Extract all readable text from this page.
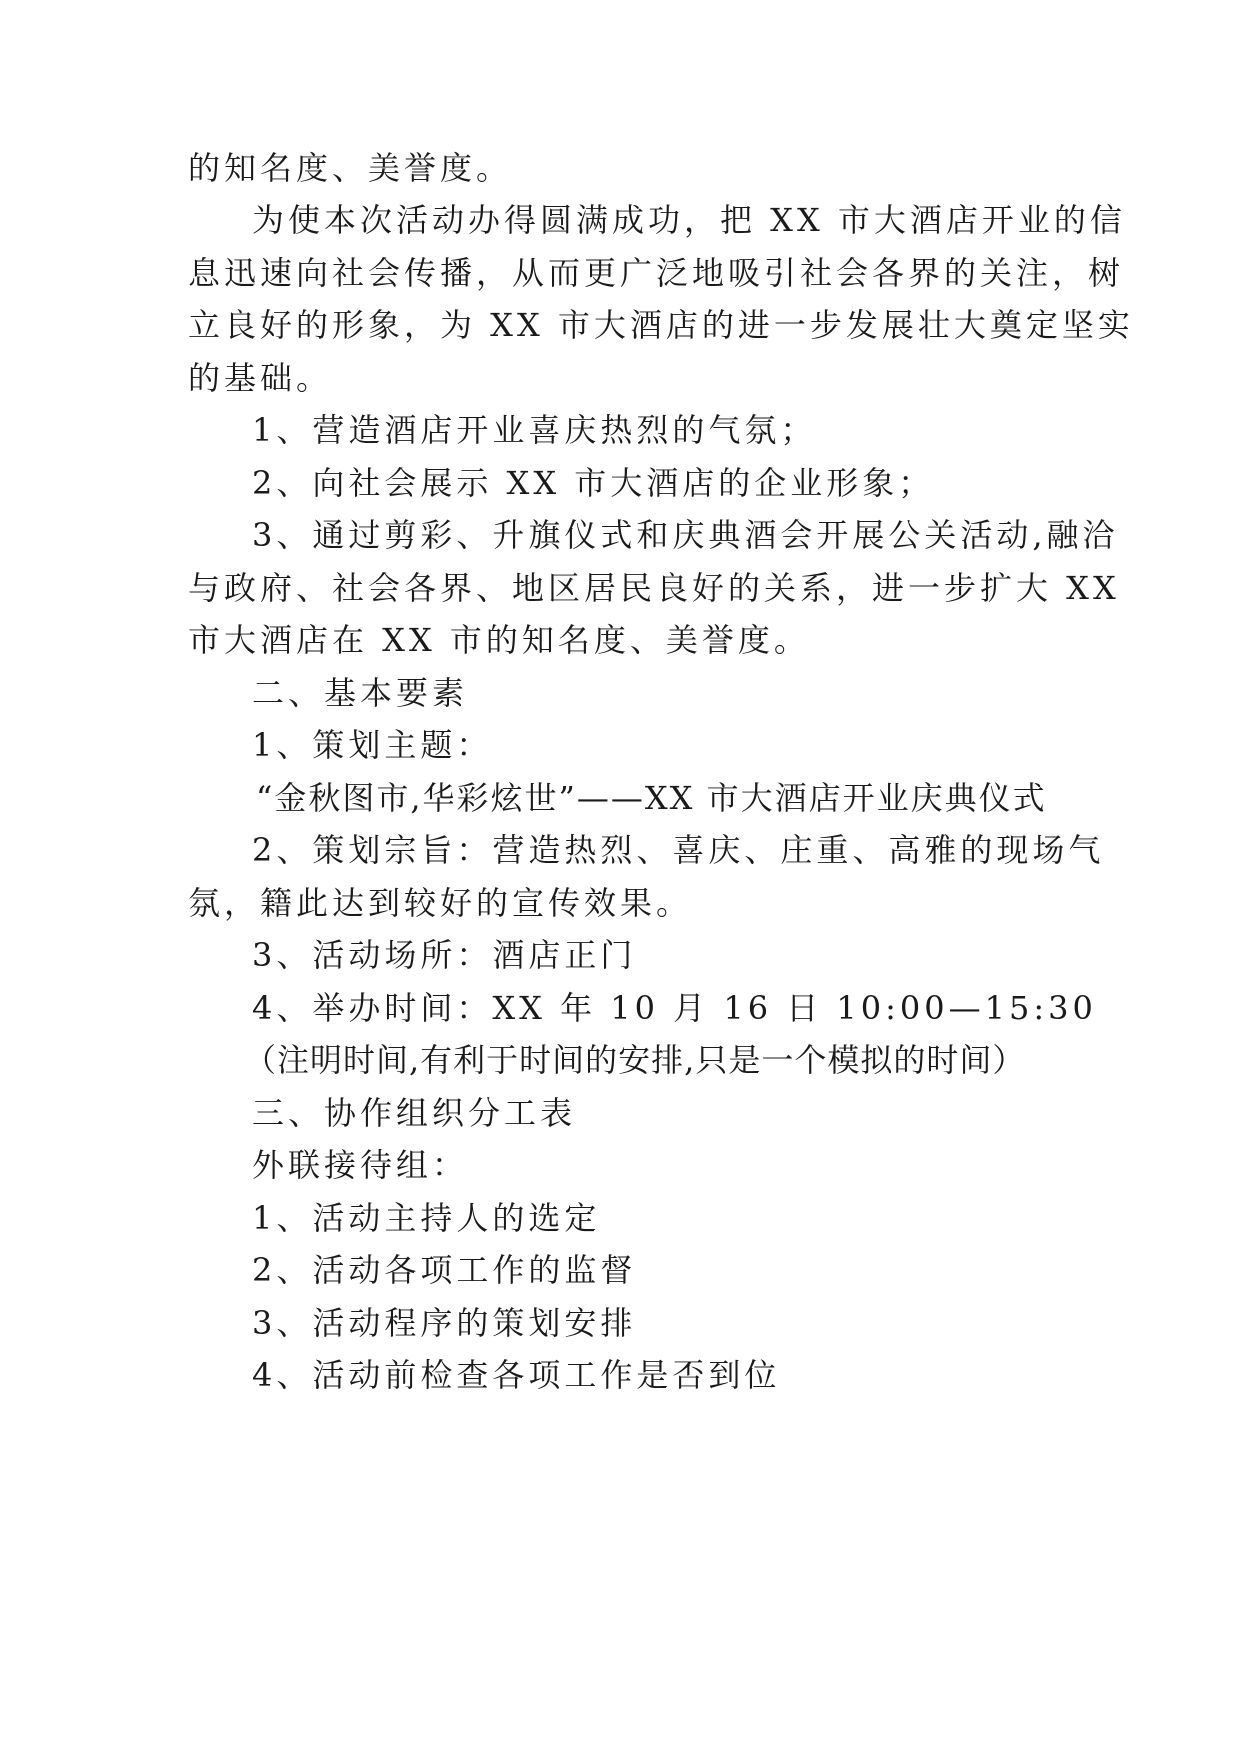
的知名度、美誉度。

为使本次活动办得圆满成功，把 XX 市大酒店开业的信

息迅速向社会传播，从而更广泛地吸引社会各界的关注，树

立良好的形象，为 XX 市大酒店的进一步发展壮大奠定坚实

的基础。

1、营造酒店开业喜庆热烈的气氛；

2、向社会展示 XX 市大酒店的企业形象；

3、通过剪彩、升旗仪式和庆典酒会开展公关活动,融洽

与政府、社会各界、地区居民良好的关系，进一步扩大 XX

市大酒店在 XX 市的知名度、美誉度。

二、基本要素

1、策划主题：

“金秋图市,华彩炫世”——XX 市大酒店开业庆典仪式

2、策划宗旨：营造热烈、喜庆、庄重、高雅的现场气

氛，籍此达到较好的宣传效果。

3、活动场所：酒店正门

4、举办时间：XX 年 10 月 16 日 10:00—15:30

（注明时间,有利于时间的安排,只是一个模拟的时间）

三、协作组织分工表

外联接待组：

1、活动主持人的选定

2、活动各项工作的监督

3、活动程序的策划安排

4、活动前检查各项工作是否到位
